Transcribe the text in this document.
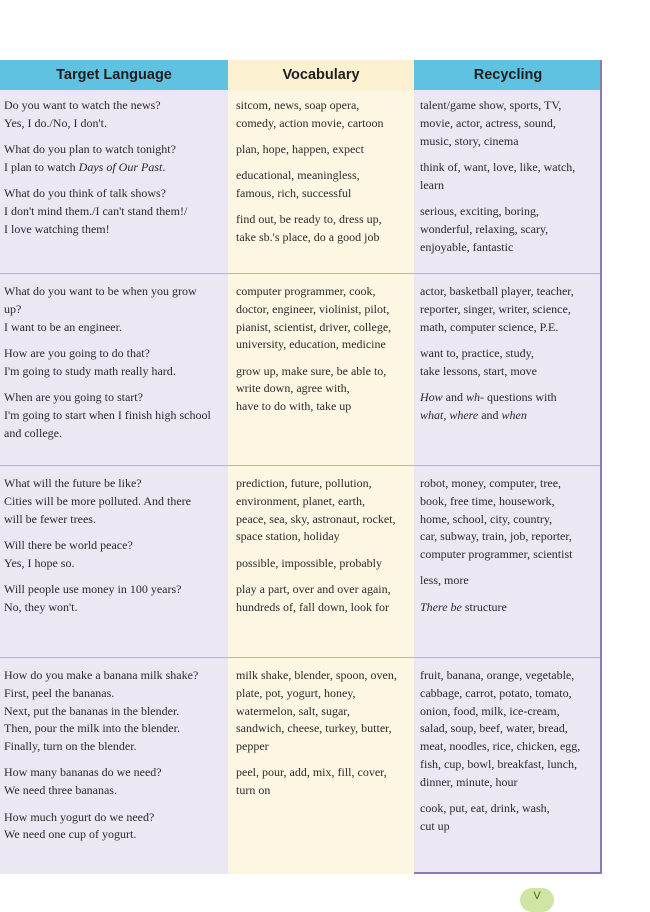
Target Language	Vocabulary	Recycling

Do you want to watch the news?
Yes, I do./No, I don't.

What do you plan to watch tonight?
I plan to watch Days of Our Past.

What do you think of talk shows?
I don't mind them./I can't stand them!/
I love watching them!

sitcom, news, soap opera,
comedy, action movie, cartoon

plan, hope, happen, expect

educational, meaningless,
famous, rich, successful

find out, be ready to, dress up,
take sb.'s place, do a good job

talent/game show, sports, TV,
movie, actor, actress, sound,
music, story, cinema

think of, want, love, like, watch,
learn

serious, exciting, boring,
wonderful, relaxing, scary,
enjoyable, fantastic

What do you want to be when you grow
up?
I want to be an engineer.

How are you going to do that?
I'm going to study math really hard.

When are you going to start?
I'm going to start when I finish high school
and college.

computer programmer, cook,
doctor, engineer, violinist, pilot,
pianist, scientist, driver, college,
university, education, medicine

grow up, make sure, be able to,
write down, agree with,
have to do with, take up

actor, basketball player, teacher,
reporter, singer, writer, science,
math, computer science, P.E.

want to, practice, study,
take lessons, start, move

How and wh- questions with
what, where and when

What will the future be like?
Cities will be more polluted. And there
will be fewer trees.

Will there be world peace?
Yes, I hope so.

Will people use money in 100 years?
No, they won't.

prediction, future, pollution,
environment, planet, earth,
peace, sea, sky, astronaut, rocket,
space station, holiday

possible, impossible, probably

play a part, over and over again,
hundreds of, fall down, look for

robot, money, computer, tree,
book, free time, housework,
home, school, city, country,
car, subway, train, job, reporter,
computer programmer, scientist

less, more

There be structure

How do you make a banana milk shake?
First, peel the bananas.
Next, put the bananas in the blender.
Then, pour the milk into the blender.
Finally, turn on the blender.

How many bananas do we need?
We need three bananas.

How much yogurt do we need?
We need one cup of yogurt.

milk shake, blender, spoon, oven,
plate, pot, yogurt, honey,
watermelon, salt, sugar,
sandwich, cheese, turkey, butter,
pepper

peel, pour, add, mix, fill, cover,
turn on

fruit, banana, orange, vegetable,
cabbage, carrot, potato, tomato,
onion, food, milk, ice-cream,
salad, soup, beef, water, bread,
meat, noodles, rice, chicken, egg,
fish, cup, bowl, breakfast, lunch,
dinner, minute, hour

cook, put, eat, drink, wash,
cut up

V
